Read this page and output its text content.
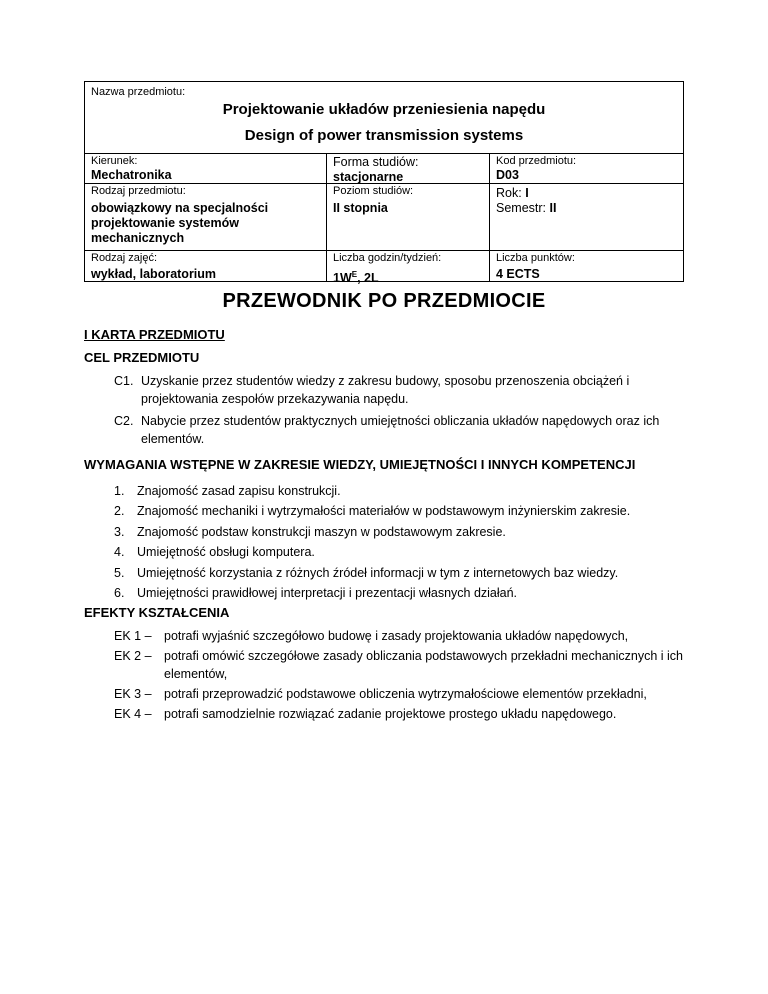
Nazwa przedmiotu:
Projektowanie układów przeniesienia napędu
Design of power transmission systems
Kierunek:
Mechatronika
Forma studiów:
stacjonarne
Kod przedmiotu:
D03
Rodzaj przedmiotu:
obowiązkowy na specjalności projektowanie systemów mechanicznych
Poziom studiów:
II stopnia
Rok: I
Semestr: II
Rodzaj zajęć:
wykład, laboratorium
Liczba godzin/tydzień:
$1W^E$, 2L
Liczba punktów:
4 ECTS
PRZEWODNIK PO PRZEDMIOCIE
I KARTA PRZEDMIOTU
CEL PRZEDMIOTU
C1. Uzyskanie przez studentów wiedzy z zakresu budowy, sposobu przenoszenia obciążeń i projektowania zespołów przekazywania napędu.
C2. Nabycie przez studentów praktycznych umiejętności obliczania układów napędowych oraz ich elementów.
WYMAGANIA WSTĘPNE W ZAKRESIE WIEDZY, UMIEJĘTNOŚCI I INNYCH KOMPETENCJI
1. Znajomość zasad zapisu konstrukcji.
2. Znajomość mechaniki i wytrzymałości materiałów w podstawowym inżynierskim zakresie.
3. Znajomość podstaw konstrukcji maszyn w podstawowym zakresie.
4. Umiejętność obsługi komputera.
5. Umiejętność korzystania z różnych źródeł informacji w tym z internetowych baz wiedzy.
6. Umiejętności prawidłowej interpretacji i prezentacji własnych działań.
EFEKTY KSZTAŁCENIA
EK 1 – potrafi wyjaśnić szczegółowo budowę i zasady projektowania układów napędowych,
EK 2 – potrafi omówić szczegółowe zasady obliczania podstawowych przekładni mechanicznych i ich elementów,
EK 3 – potrafi przeprowadzić podstawowe obliczenia wytrzymałościowe elementów przekładni,
EK 4 – potrafi samodzielnie rozwiązać zadanie projektowe prostego układu napędowego.
